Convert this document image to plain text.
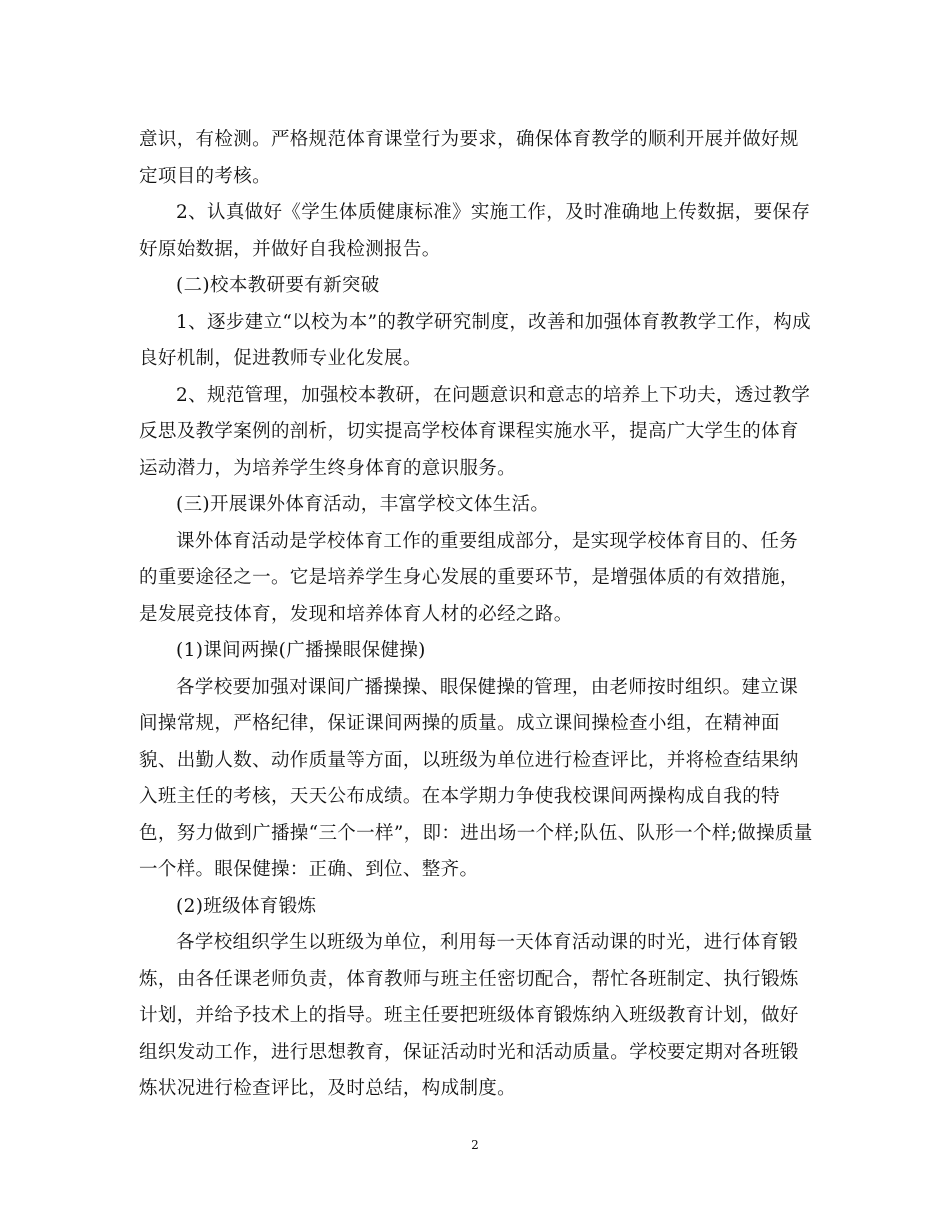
意识，有检测。严格规范体育课堂行为要求，确保体育教学的顺利开展并做好规
定项目的考核。
2、认真做好《学生体质健康标准》实施工作，及时准确地上传数据，要保存
好原始数据，并做好自我检测报告。
(二)校本教研要有新突破
1、逐步建立“以校为本”的教学研究制度，改善和加强体育教教学工作，构成
良好机制，促进教师专业化发展。
2、规范管理，加强校本教研，在问题意识和意志的培养上下功夫，透过教学
反思及教学案例的剖析，切实提高学校体育课程实施水平，提高广大学生的体育
运动潜力，为培养学生终身体育的意识服务。
(三)开展课外体育活动，丰富学校文体生活。
课外体育活动是学校体育工作的重要组成部分，是实现学校体育目的、任务
的重要途径之一。它是培养学生身心发展的重要环节，是增强体质的有效措施，
是发展竞技体育，发现和培养体育人材的必经之路。
(1)课间两操(广播操眼保健操)
各学校要加强对课间广播操操、眼保健操的管理，由老师按时组织。建立课
间操常规，严格纪律，保证课间两操的质量。成立课间操检查小组，在精神面
貌、出勤人数、动作质量等方面，以班级为单位进行检查评比，并将检查结果纳
入班主任的考核，天天公布成绩。在本学期力争使我校课间两操构成自我的特
色，努力做到广播操“三个一样”，即：进出场一个样;队伍、队形一个样;做操质量
一个样。眼保健操：正确、到位、整齐。
(2)班级体育锻炼
各学校组织学生以班级为单位，利用每一天体育活动课的时光，进行体育锻
炼，由各任课老师负责，体育教师与班主任密切配合，帮忙各班制定、执行锻炼
计划，并给予技术上的指导。班主任要把班级体育锻炼纳入班级教育计划，做好
组织发动工作，进行思想教育，保证活动时光和活动质量。学校要定期对各班锻
炼状况进行检查评比，及时总结，构成制度。
2
